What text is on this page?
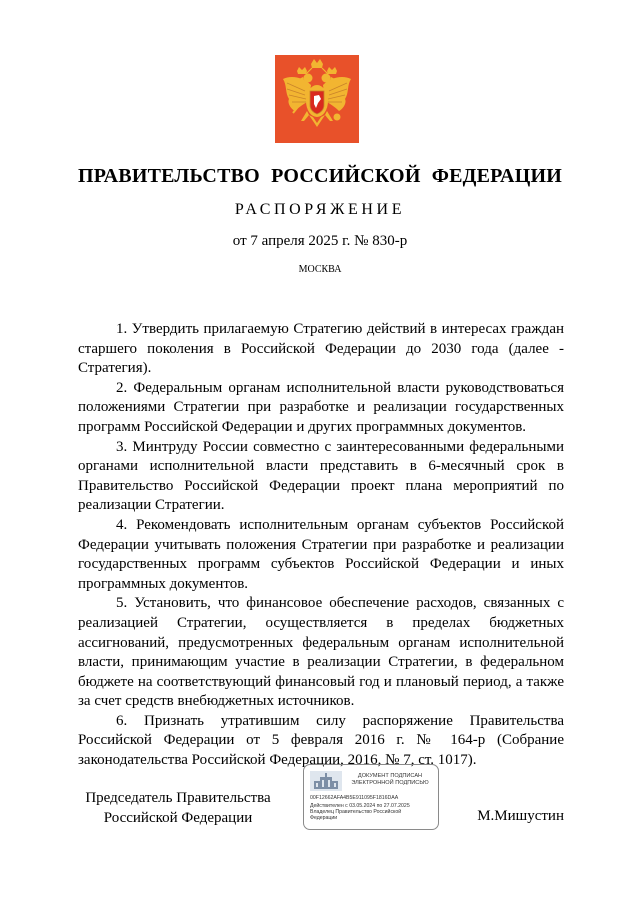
ПРАВИТЕЛЬСТВО РОССИЙСКОЙ ФЕДЕРАЦИИ
РАСПОРЯЖЕНИЕ
от 7 апреля 2025 г. № 830-р
МОСКВА

1. Утвердить прилагаемую Стратегию действий в интересах граждан старшего поколения в Российской Федерации до 2030 года (далее - Стратегия).

2. Федеральным органам исполнительной власти руководствоваться положениями Стратегии при разработке и реализации государственных программ Российской Федерации и других программных документов.

3. Минтруду России совместно с заинтересованными федеральными органами исполнительной власти представить в 6-месячный срок в Правительство Российской Федерации проект плана мероприятий по реализации Стратегии.

4. Рекомендовать исполнительным органам субъектов Российской Федерации учитывать положения Стратегии при разработке и реализации государственных программ субъектов Российской Федерации и иных программных документов.

5. Установить, что финансовое обеспечение расходов, связанных с реализацией Стратегии, осуществляется в пределах бюджетных ассигнований, предусмотренных федеральным органам исполнительной власти, принимающим участие в реализации Стратегии, в федеральном бюджете на соответствующий финансовый год и плановый период, а также за счет средств внебюджетных источников.

6. Признать утратившим силу распоряжение Правительства Российской Федерации от 5 февраля 2016 г. № 164-р (Собрание законодательства Российской Федерации, 2016, № 7, ст. 1017).

Председатель Правительства
Российской Федерации
ДОКУМЕНТ ПОДПИСАН
ЭЛЕКТРОННОЙ ПОДПИСЬЮ
00F12662AFA4B5E911095F1816DAA
Действителен с 03.05.2024 по 27.07.2025
Владелец Правительство Российской
Федерации	М.Мишустин
